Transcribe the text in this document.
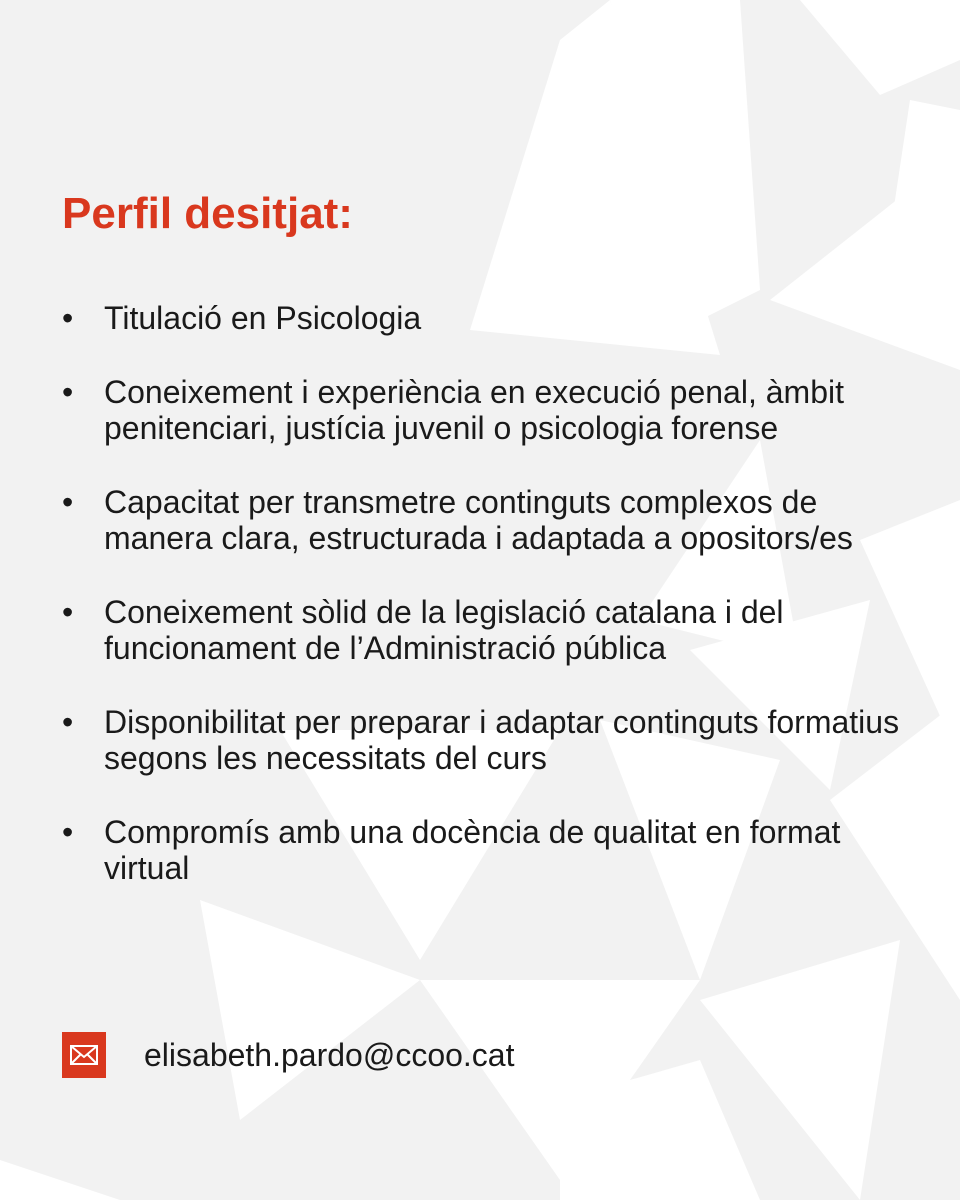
Perfil desitjat:
• Titulació en Psicologia
• Coneixement i experiència en execució penal, àmbit penitenciari, justícia juvenil o psicologia forense
• Capacitat per transmetre continguts complexos de manera clara, estructurada i adaptada a opositors/es
• Coneixement sòlid de la legislació catalana i del funcionament de l’Administració pública
• Disponibilitat per preparar i adaptar continguts formatius segons les necessitats del curs
• Compromís amb una docència de qualitat en format virtual
elisabeth.pardo@ccoo.cat
